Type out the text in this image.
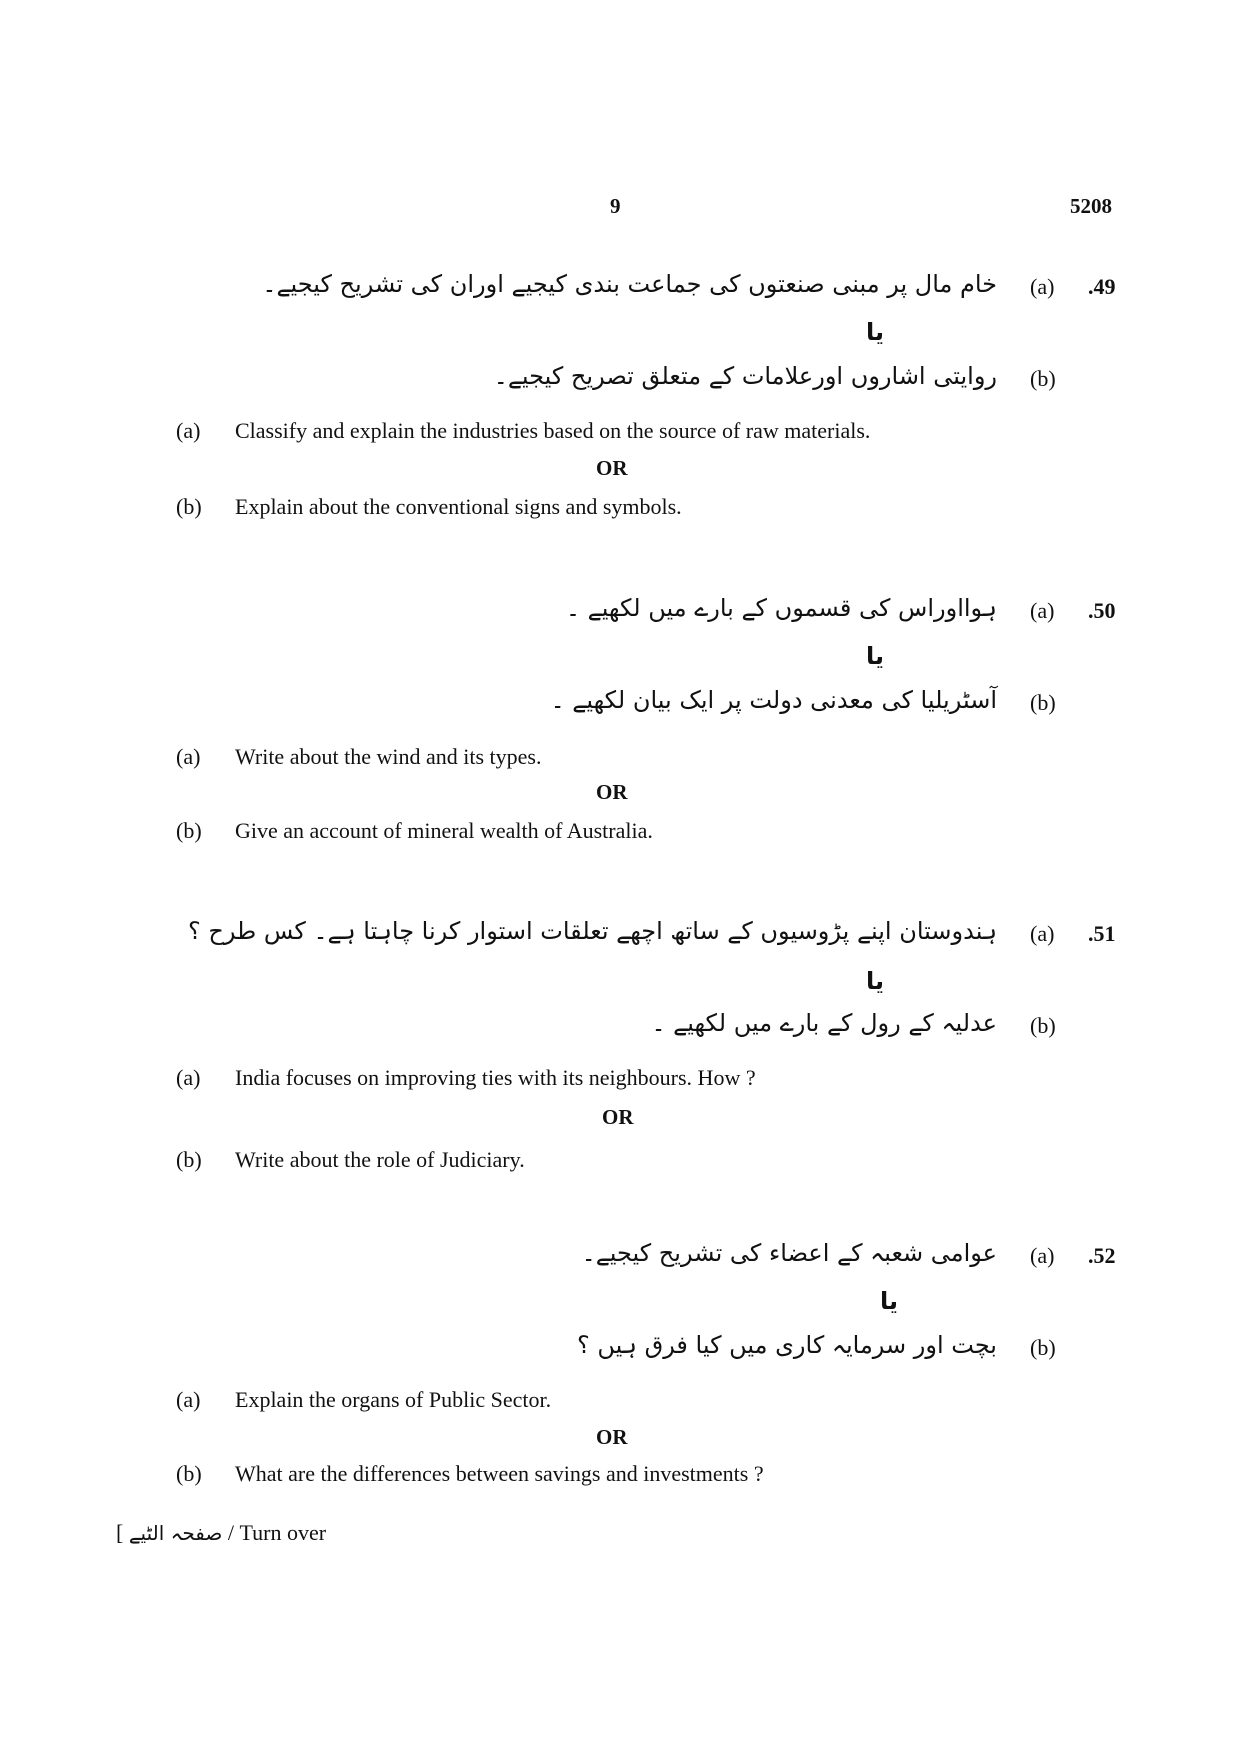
9	5208
.49
(a)
خام مال پر مبنی صنعتوں کی جماعت بندی کیجیے اوران کی تشریح کیجیے۔
یا
(b)
روایتی اشاروں اورعلامات کے متعلق تصریح کیجیے۔
(a) Classify and explain the industries based on the source of raw materials.
OR
(b) Explain about the conventional signs and symbols.
.50
(a)
ہوااوراس کی قسموں کے بارے میں لکھیے ۔
یا
(b)
آسٹریلیا کی معدنی دولت پر ایک بیان لکھیے ۔
(a) Write about the wind and its types.
OR
(b) Give an account of mineral wealth of Australia.
.51
(a)
ہندوستان اپنے پڑوسیوں کے ساتھ اچھے تعلقات استوار کرنا چاہتا ہے۔ کس طرح ؟
یا
(b)
عدلیہ کے رول کے بارے میں لکھیے ۔
(a) India focuses on improving ties with its neighbours. How ?
OR
(b) Write about the role of Judiciary.
.52
(a)
عوامی شعبہ کے اعضاء کی تشریح کیجیے۔
یا
(b)
بچت اور سرمایہ کاری میں کیا فرق ہیں ؟
(a) Explain the organs of Public Sector.
OR
(b) What are the differences between savings and investments ?
[ صفحہ الٹیے / Turn over
